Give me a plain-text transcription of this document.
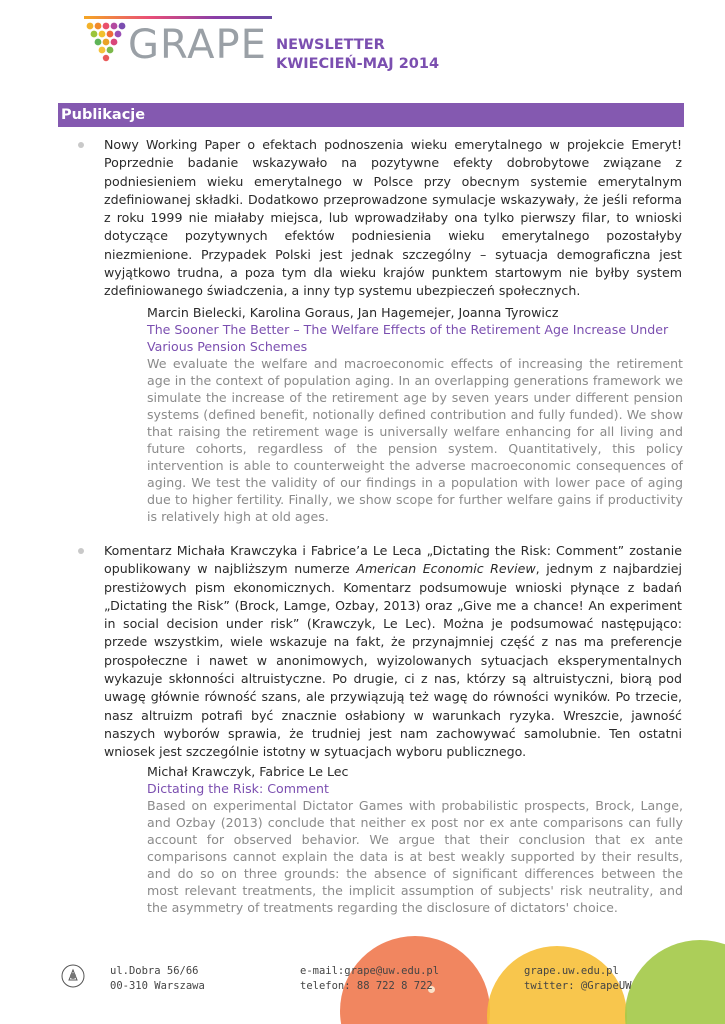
GRAPE NEWSLETTER
KWIECIEŃ-MAJ 2014
Publikacje

Nowy Working Paper o efektach podnoszenia wieku emerytalnego w projekcie Emeryt! Poprzednie badanie wskazywało na pozytywne efekty dobrobytowe związane z podniesieniem wieku emerytalnego w Polsce przy obecnym systemie emerytalnym zdefiniowanej składki. Dodatkowo przeprowadzone symulacje wskazywały, że jeśli reforma z roku 1999 nie miałaby miejsca, lub wprowadziłaby ona tylko pierwszy filar, to wnioski dotyczące pozytywnych efektów podniesienia wieku emerytalnego pozostałyby niezmienione. Przypadek Polski jest jednak szczególny – sytuacja demograficzna jest wyjątkowo trudna, a poza tym dla wieku krajów punktem startowym nie byłby system zdefiniowanego świadczenia, a inny typ systemu ubezpieczeń społecznych.

Marcin Bielecki, Karolina Goraus, Jan Hagemejer, Joanna Tyrowicz
The Sooner The Better – The Welfare Effects of the Retirement Age Increase Under Various Pension Schemes
We evaluate the welfare and macroeconomic effects of increasing the retirement age in the context of population aging. In an overlapping generations framework we simulate the increase of the retirement age by seven years under different pension systems (defined benefit, notionally defined contribution and fully funded). We show that raising the retirement wage is universally welfare enhancing for all living and future cohorts, regardless of the pension system. Quantitatively, this policy intervention is able to counterweight the adverse macroeconomic consequences of aging. We test the validity of our findings in a population with lower pace of aging due to higher fertility. Finally, we show scope for further welfare gains if productivity is relatively high at old ages.

Komentarz Michała Krawczyka i Fabrice’a Le Leca „Dictating the Risk: Comment” zostanie opublikowany w najbliższym numerze American Economic Review, jednym z najbardziej prestiżowych pism ekonomicznych. Komentarz podsumowuje wnioski płynące z badań „Dictating the Risk” (Brock, Lamge, Ozbay, 2013) oraz „Give me a chance! An experiment in social decision under risk” (Krawczyk, Le Lec). Można je podsumować następująco: przede wszystkim, wiele wskazuje na fakt, że przynajmniej część z nas ma preferencje prospołeczne i nawet w anonimowych, wyizolowanych sytuacjach eksperymentalnych wykazuje skłonności altruistyczne. Po drugie, ci z nas, którzy są altruistyczni, biorą pod uwagę głównie równość szans, ale przywiązują też wagę do równości wyników. Po trzecie, nasz altruizm potrafi być znacznie osłabiony w warunkach ryzyka. Wreszcie, jawność naszych wyborów sprawia, że trudniej jest nam zachowywać samolubnie. Ten ostatni wniosek jest szczególnie istotny w sytuacjach wyboru publicznego.

Michał Krawczyk, Fabrice Le Lec
Dictating the Risk: Comment
Based on experimental Dictator Games with probabilistic prospects, Brock, Lange, and Ozbay (2013) conclude that neither ex post nor ex ante comparisons can fully account for observed behavior. We argue that their conclusion that ex ante comparisons cannot explain the data is at best weakly supported by their results, and do so on three grounds: the absence of significant differences between the most relevant treatments, the implicit assumption of subjects' risk neutrality, and the asymmetry of treatments regarding the disclosure of dictators' choice.
ul.Dobra 56/66
00-310 Warszawa
e-mail:grape@uw.edu.pl
telefon: 88 722 8 722
grape.uw.edu.pl
twitter: @GrapeUW
